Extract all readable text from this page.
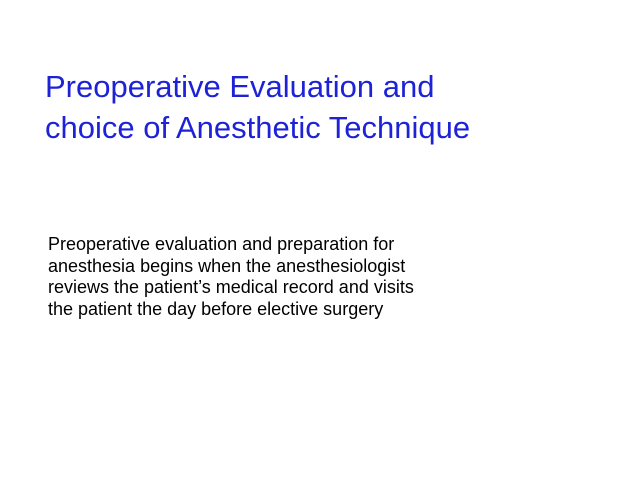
Preoperative Evaluation and
choice of Anesthetic Technique

Preoperative evaluation and preparation for
anesthesia begins when the anesthesiologist
reviews the patient’s medical record and visits
the patient the day before elective surgery
